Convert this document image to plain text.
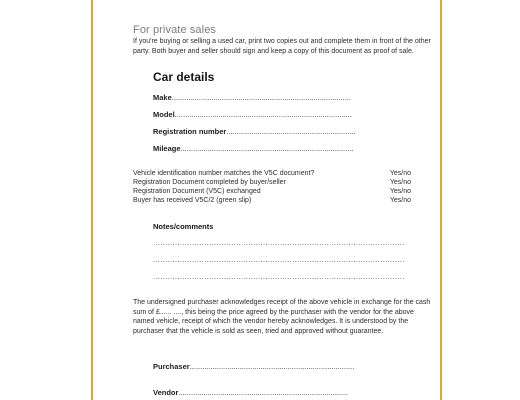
For private sales
If you're buying or selling a used car, print two copies out and complete them in front of the other party. Both buyer and seller should sign and keep a copy of this document as proof of sale.
Car details
Make......................................................................................
Model.....................................................................................
Registration number..............................................................
Mileage...................................................................................
Vehicle identification number matches the V5C document?	Yes/no
Registration Document completed by buyer/seller	Yes/no
Registration Document (V5C) exchanged	Yes/no
Buyer has received V5C/2 (green slip)	Yes/no
Notes/comments
.......................................................................................................
.......................................................................................................
.......................................................................................................
The undersigned purchaser acknowledges receipt of the above vehicle in exchange for the cash sum of £...... ...., this being the price agreed by the purchaser with the vendor for the above named vehicle, receipt of which the vendor hereby acknowledges. It is understood by the purchaser that the vehicle is sold as seen, tried and approved without guarantee.
Purchaser...............................................................................
Vendor.................................................................................
